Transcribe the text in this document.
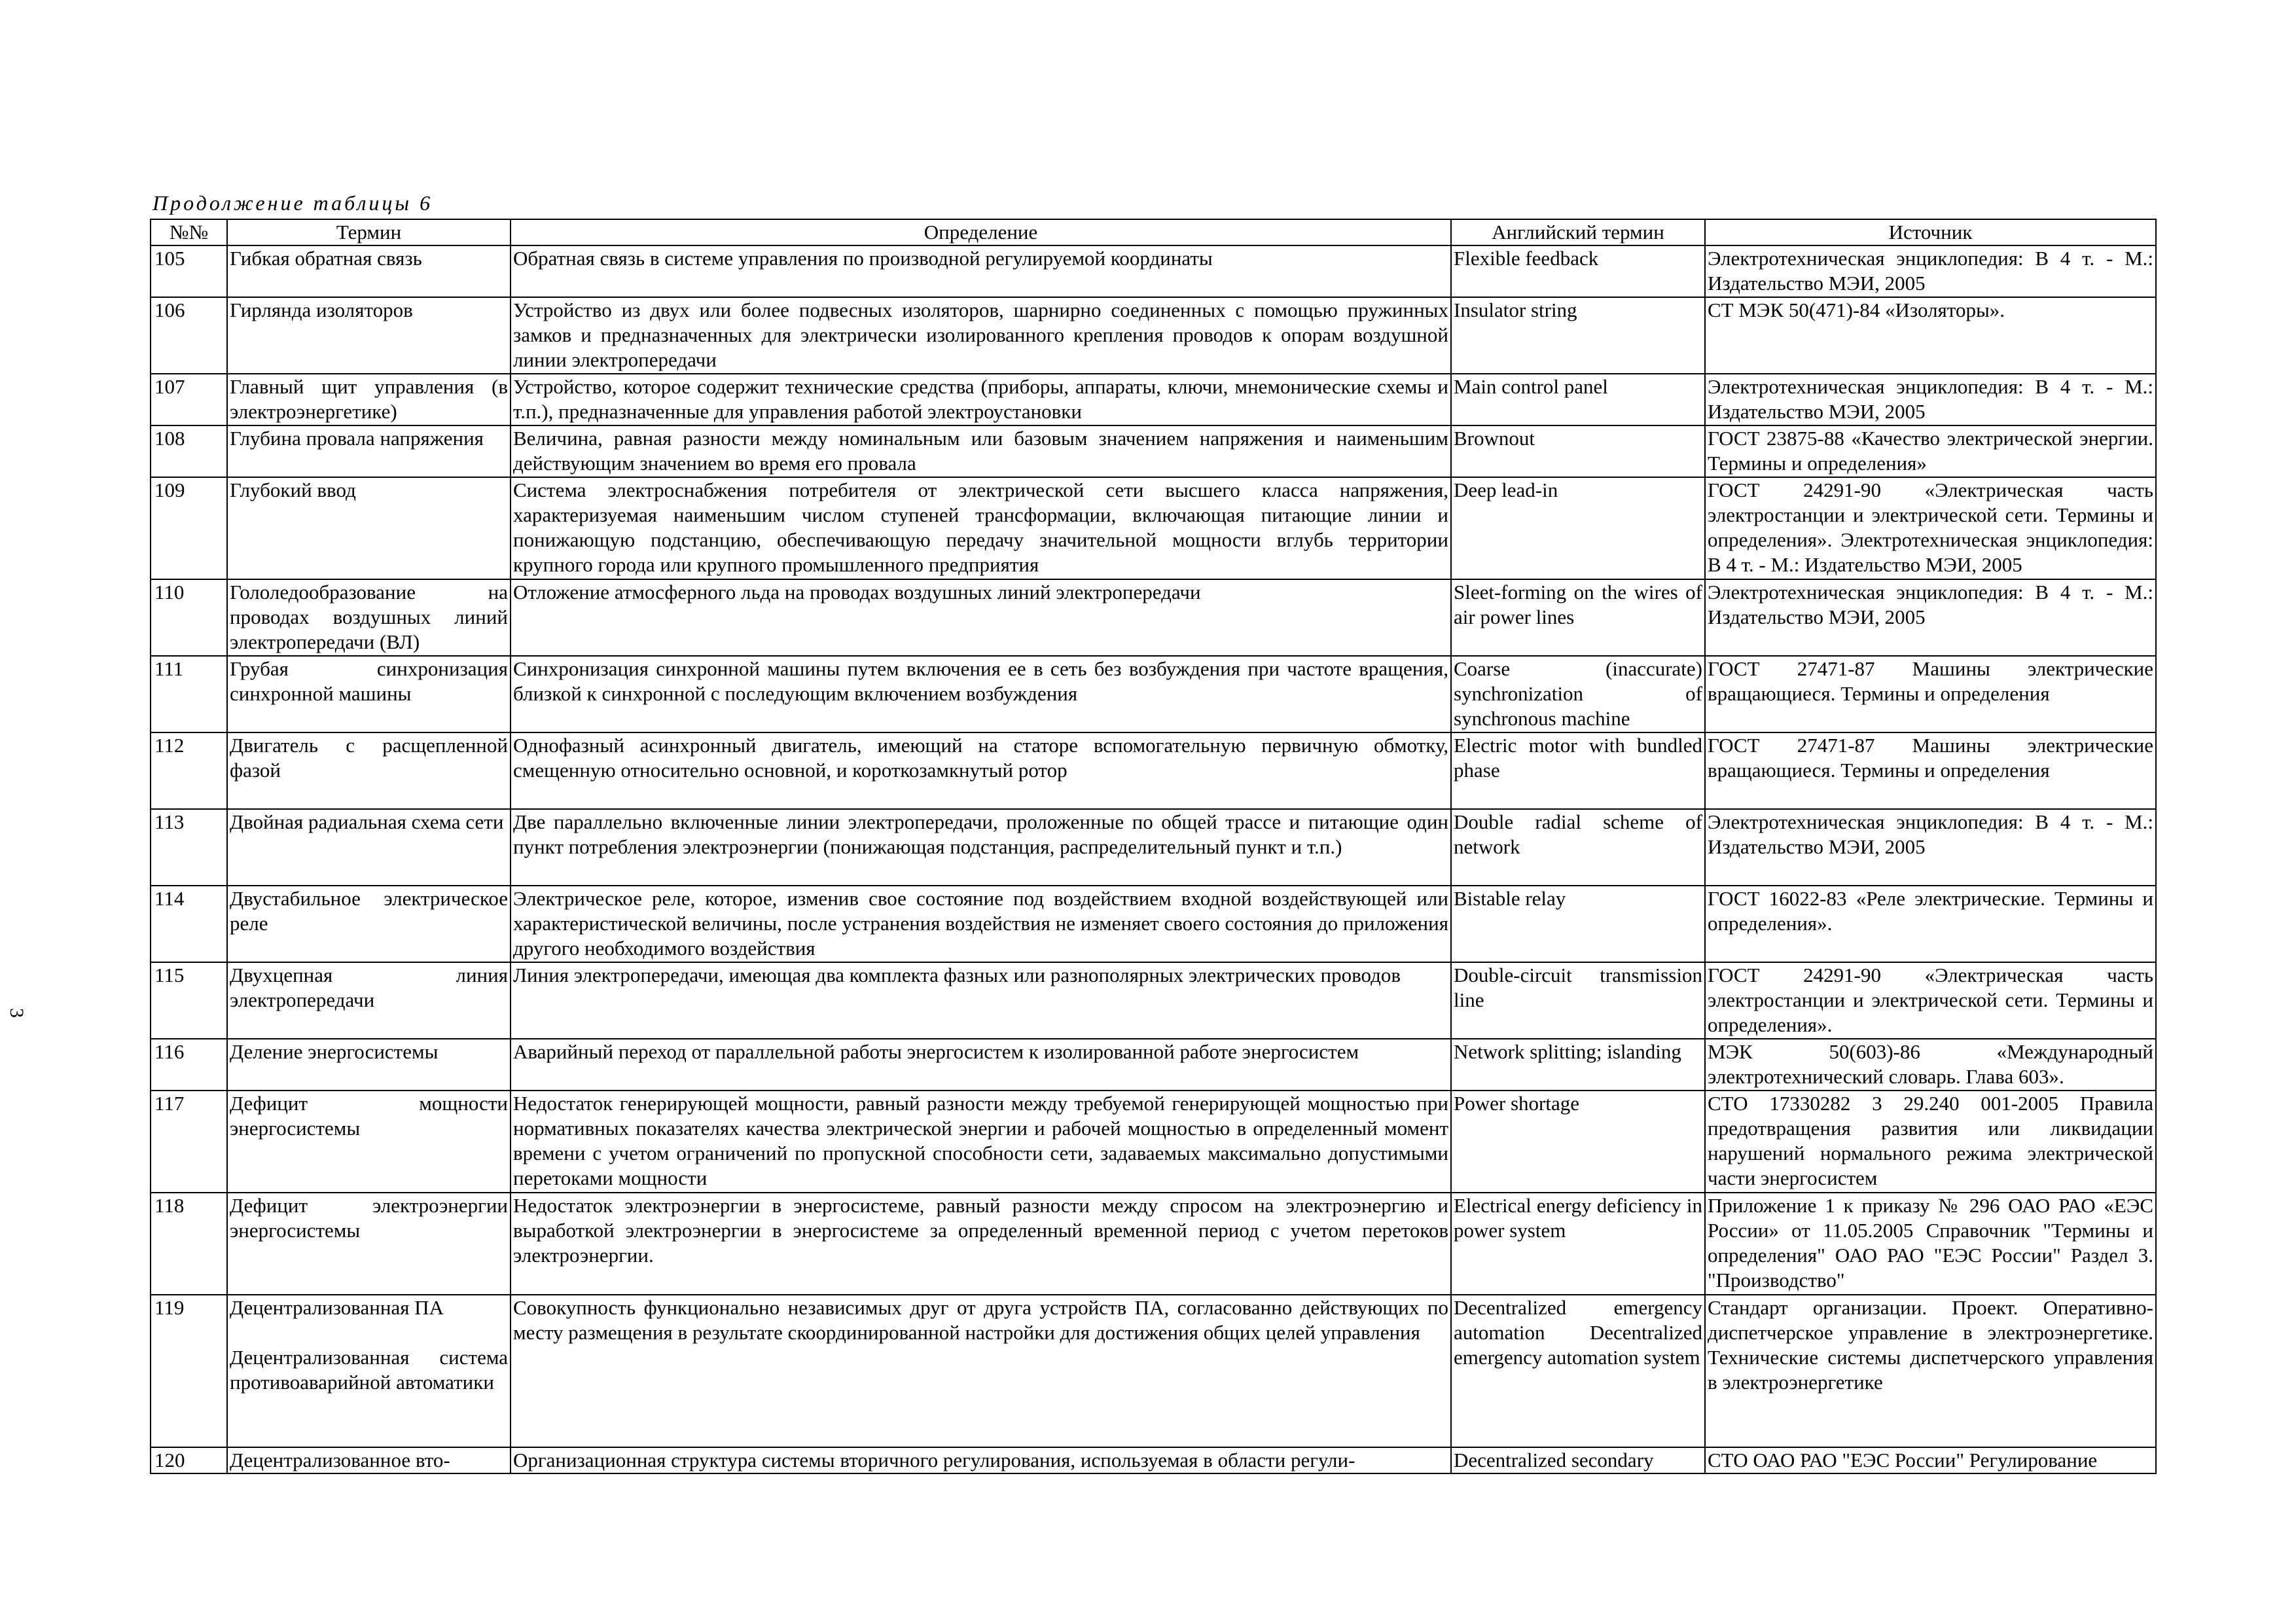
Продолжение таблицы 6
3
№№	Термин	Определение	Английский термин	Источник
105	Гибкая обратная связь	Обратная связь в системе управления по производной регулируемой координаты	Flexible feedback	Электротехническая энциклопедия: В 4 т. - М.: Издательство МЭИ, 2005
106	Гирлянда изоляторов	Устройство из двух или более подвесных изоляторов, шарнирно соединенных с помощью пружинных замков и предназначенных для электрически изолированного крепления проводов к опорам воздушной линии электропередачи	Insulator string	СТ МЭК 50(471)-84 «Изоляторы».
107	Главный щит управления (в электроэнергетике)	Устройство, которое содержит технические средства (приборы, аппараты, ключи, мнемонические схемы и т.п.), предназначенные для управления работой электроустановки	Main control panel	Электротехническая энциклопедия: В 4 т. - М.: Издательство МЭИ, 2005
108	Глубина провала напряжения	Величина, равная разности между номинальным или базовым значением напряжения и наименьшим действующим значением во время его провала	Brownout	ГОСТ 23875-88 «Качество электрической энергии. Термины и определения»
109	Глубокий ввод	Система электроснабжения потребителя от электрической сети высшего класса напряжения, характеризуемая наименьшим числом ступеней трансформации, включающая питающие линии и понижающую подстанцию, обеспечивающую передачу значительной мощности вглубь территории крупного города или крупного промышленного предприятия	Deep lead-in	ГОСТ 24291-90 «Электрическая часть электростанции и электрической сети. Термины и определения». Электротехническая энциклопедия: В 4 т. - М.: Издательство МЭИ, 2005
110	Гололедообразование на проводах воздушных линий электропередачи (ВЛ)	Отложение атмосферного льда на проводах воздушных линий электропередачи	Sleet-forming on the wires of air power lines	Электротехническая энциклопедия: В 4 т. - М.: Издательство МЭИ, 2005
111	Грубая синхронизация синхронной машины	Синхронизация синхронной машины путем включения ее в сеть без возбуждения при частоте вращения, близкой к синхронной с последующим включением возбуждения	Coarse (inaccurate) synchronization of synchronous machine	ГОСТ 27471-87 Машины электрические вращающиеся. Термины и определения
112	Двигатель с расщепленной фазой	Однофазный асинхронный двигатель, имеющий на статоре вспомогательную первичную обмотку, смещенную относительно основной, и короткозамкнутый ротор	Electric motor with bundled phase	ГОСТ 27471-87 Машины электрические вращающиеся. Термины и определения
113	Двойная радиальная схема сети	Две параллельно включенные линии электропередачи, проложенные по общей трассе и питающие один пункт потребления электроэнергии (понижающая подстанция, распределительный пункт и т.п.)	Double radial scheme of network	Электротехническая энциклопедия: В 4 т. - М.: Издательство МЭИ, 2005
114	Двустабильное электрическое реле	Электрическое реле, которое, изменив свое состояние под воздействием входной воздействующей или характеристической величины, после устранения воздействия не изменяет своего состояния до приложения другого необходимого воздействия	Bistable relay	ГОСТ 16022-83 «Реле электрические. Термины и определения».
115	Двухцепная линия электропередачи	Линия электропередачи, имеющая два комплекта фазных или разнополярных электрических проводов	Double-circuit transmission line	ГОСТ 24291-90 «Электрическая часть электростанции и электрической сети. Термины и определения».
116	Деление энергосистемы	Аварийный переход от параллельной работы энергосистем к изолированной работе энергосистем	Network splitting; islanding	МЭК 50(603)-86 «Международный электротехнический словарь. Глава 603».
117	Дефицит мощности энергосистемы	Недостаток генерирующей мощности, равный разности между требуемой генерирующей мощностью при нормативных показателях качества электрической энергии и рабочей мощностью в определенный момент времени с учетом ограничений по пропускной способности сети, задаваемых максимально допустимыми перетоками мощности	Power shortage	СТО 17330282 3 29.240 001-2005 Правила предотвращения развития или ликвидации нарушений нормального режима электрической части энергосистем
118	Дефицит электроэнергии энергосистемы	Недостаток электроэнергии в энергосистеме, равный разности между спросом на электроэнергию и выработкой электроэнергии в энергосистеме за определенный временной период с учетом перетоков электроэнергии.	Electrical energy deficiency in power system	Приложение 1 к приказу № 296 ОАО РАО «ЕЭС России» от 11.05.2005 Справочник "Термины и определения" ОАО РАО "ЕЭС России" Раздел 3. "Производство"
119	Децентрализованная ПА
Децентрализованная система противоаварийной автоматики	Совокупность функционально независимых друг от друга устройств ПА, согласованно действующих по месту размещения в результате скоординированной настройки для достижения общих целей управления	Decentralized emergency automation Decentralized emergency automation system	Стандарт организации. Проект. Оперативно-диспетчерское управление в электроэнергетике. Технические системы диспетчерского управления в электроэнергетике
120	Децентрализованное вто-	Организационная структура системы вторичного регулирования, используемая в области регули-	Decentralized secondary	СТО ОАО РАО "ЕЭС России" Регулирование
